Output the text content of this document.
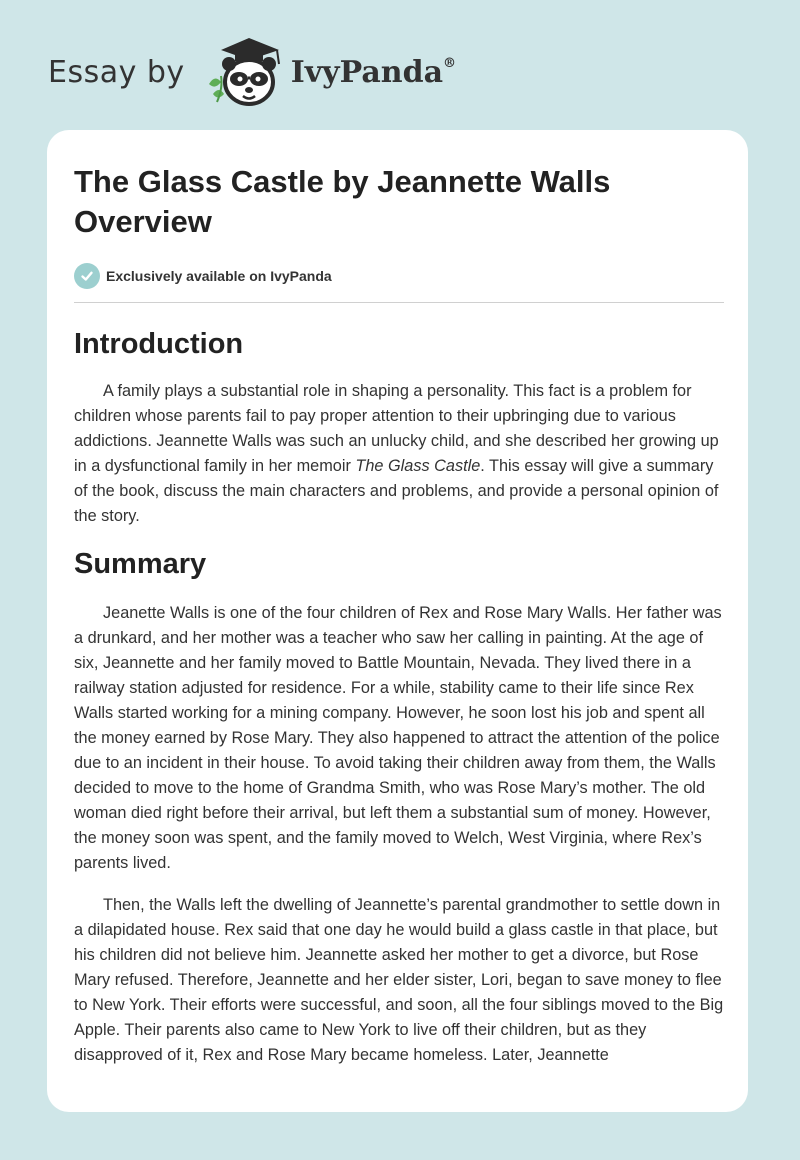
Essay by	IvyPanda®
The Glass Castle by Jeannette Walls Overview
Exclusively available on IvyPanda
Introduction

A family plays a substantial role in shaping a personality. This fact is a problem for children whose parents fail to pay proper attention to their upbringing due to various addictions. Jeannette Walls was such an unlucky child, and she described her growing up in a dysfunctional family in her memoir The Glass Castle. This essay will give a summary of the book, discuss the main characters and problems, and provide a personal opinion of the story.

Summary

Jeanette Walls is one of the four children of Rex and Rose Mary Walls. Her father was a drunkard, and her mother was a teacher who saw her calling in painting. At the age of six, Jeannette and her family moved to Battle Mountain, Nevada. They lived there in a railway station adjusted for residence. For a while, stability came to their life since Rex Walls started working for a mining company. However, he soon lost his job and spent all the money earned by Rose Mary. They also happened to attract the attention of the police due to an incident in their house. To avoid taking their children away from them, the Walls decided to move to the home of Grandma Smith, who was Rose Mary’s mother. The old woman died right before their arrival, but left them a substantial sum of money. However, the money soon was spent, and the family moved to Welch, West Virginia, where Rex’s parents lived.

Then, the Walls left the dwelling of Jeannette’s parental grandmother to settle down in a dilapidated house. Rex said that one day he would build a glass castle in that place, but his children did not believe him. Jeannette asked her mother to get a divorce, but Rose Mary refused. Therefore, Jeannette and her elder sister, Lori, began to save money to flee to New York. Their efforts were successful, and soon, all the four siblings moved to the Big Apple. Their parents also came to New York to live off their children, but as they disapproved of it, Rex and Rose Mary became homeless. Later, Jeannette
